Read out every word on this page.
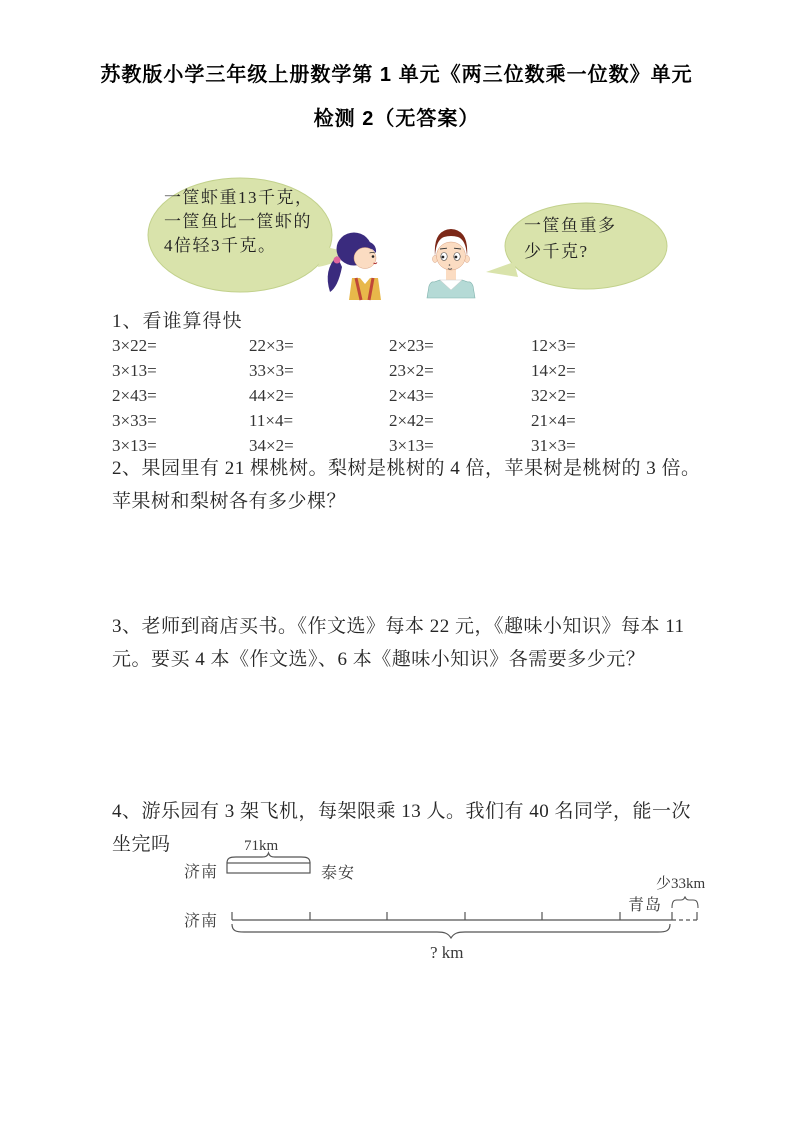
苏教版小学三年级上册数学第 1 单元《两三位数乘一位数》单元
检测 2（无答案）
一筐虾重13千克，
一筐鱼比一筐虾的
4倍轻3千克。
一筐鱼重多
少千克?
1、看谁算得快
3×22=	22×3=	2×23=	12×3=
3×13=	33×3=	23×2=	14×2=
2×43=	44×2=	2×43=	32×2=
3×33=	11×4=	2×42=	21×4=
3×13=	34×2=	3×13=	31×3=
2、果园里有 21 棵桃树。梨树是桃树的 4 倍，苹果树是桃树的 3 倍。
苹果树和梨树各有多少棵？
3、老师到商店买书。《作文选》每本 22 元，《趣味小知识》每本 11
元。要买 4 本《作文选》、6 本《趣味小知识》各需要多少元？
4、游乐园有 3 架飞机，每架限乘 13 人。我们有 40 名同学，能一次
坐完吗	71km
济南	泰安
少33km
青岛
济南
? km
